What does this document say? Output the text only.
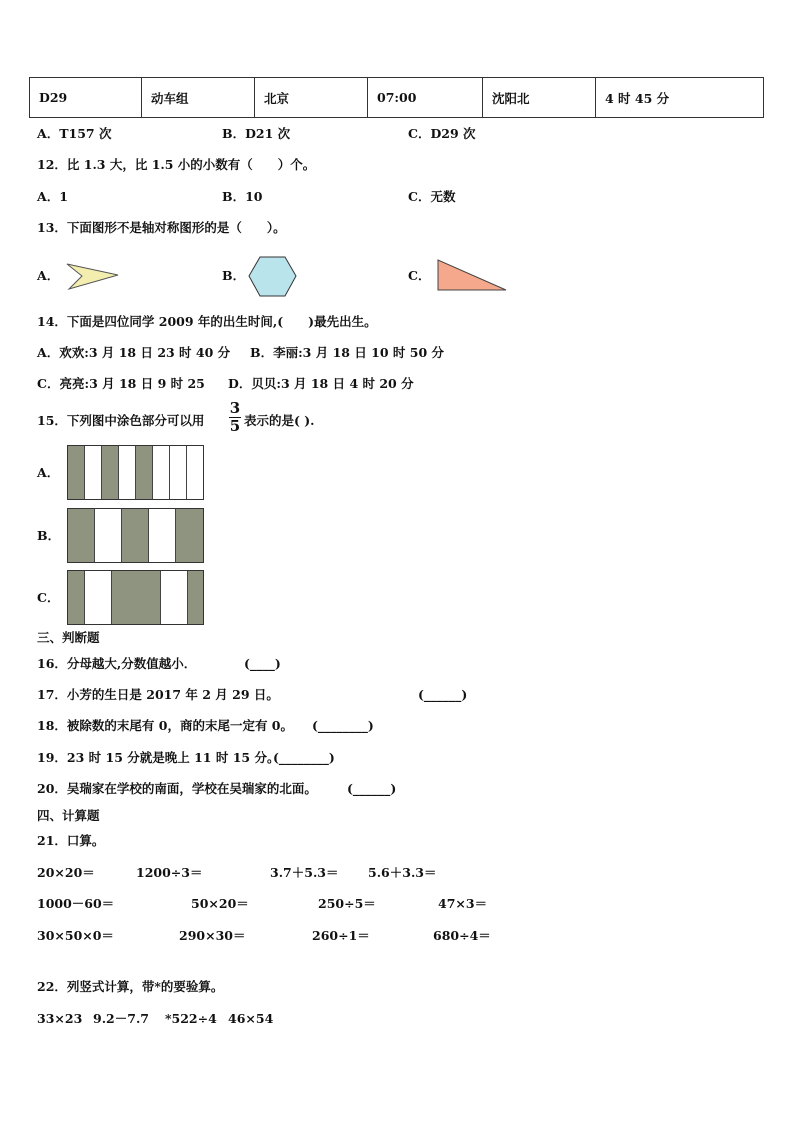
D29	动车组	北京	07:00	沈阳北	4 时 45 分
A．T157 次	B．D21 次	C．D29 次
12．比 1.3 大，比 1.5 小的小数有（　　）个。
A．1	B．10	C．无数
13．下面图形不是轴对称图形的是（　　）。
A．	B．	C．
14．下面是四位同学 2009 年的出生时间,(　　)最先出生。
A．欢欢:3 月 18 日 23 时 40 分 B．李丽:3 月 18 日 10 时 50 分
C．亮亮:3 月 18 日 9 时 25 D．贝贝:3 月 18 日 4 时 20 分
15．下列图中涂色部分可以用
3
5 表示的是( ).
A．
B．
C．
三、判断题
16．分母越大,分数值越小．	(____)
17．小芳的生日是 2017 年 2 月 29 日。	(______)
18．被除数的末尾有 0，商的末尾一定有 0。 (________)
19．23 时 15 分就是晚上 11 时 15 分。
(________)
20．吴瑞家在学校的南面，学校在吴瑞家的北面。 (______)
四、计算题
21．口算。
20×20＝	1200÷3＝	3.7＋5.3＝ 5.6＋3.3＝
1000－60＝	50×20＝	250÷5＝	47×3＝
30×50×0＝	290×30＝	260÷1＝	680÷4＝
22．列竖式计算，带*的要验算。
33×23 9.2－7.7 *522÷4 46×54
